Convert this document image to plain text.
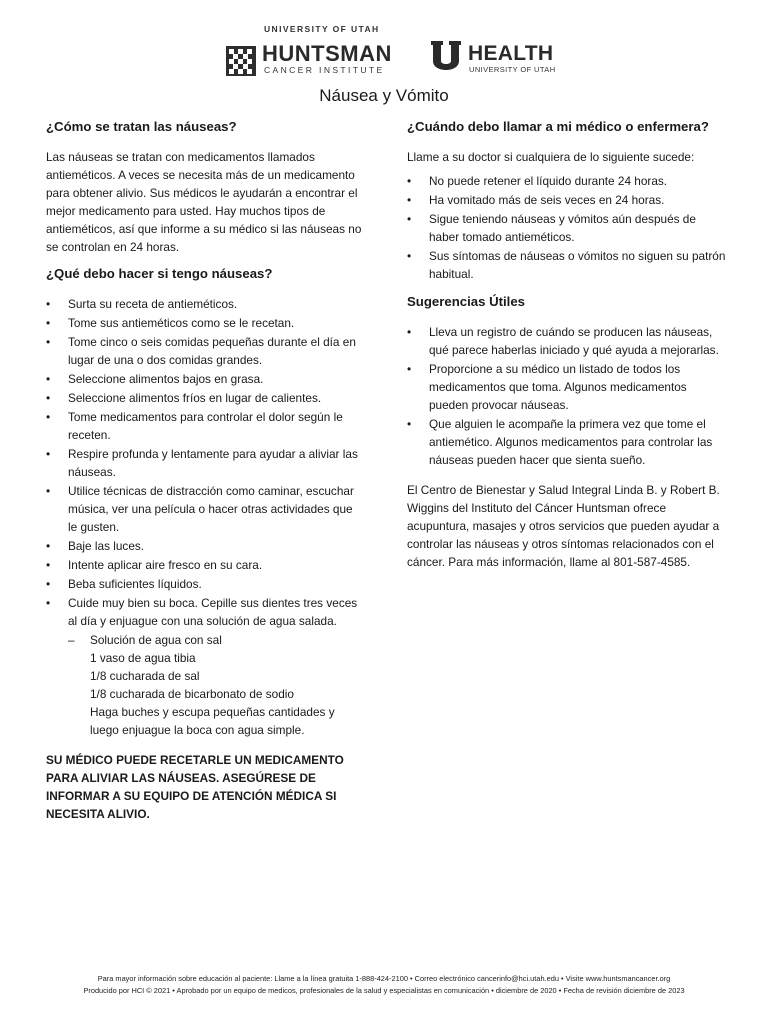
UNIVERSITY OF UTAH
HUNTSMAN
CANCER INSTITUTE
HEALTH
UNIVERSITY OF UTAH
Náusea y Vómito
¿Cómo se tratan las náuseas?

Las náuseas se tratan con medicamentos llamados antieméticos. A veces se necesita más de un medicamento para obtener alivio. Sus médicos le ayudarán a encontrar el mejor medicamento para usted. Hay muchos tipos de antieméticos, así que informe a su médico si las náuseas no se controlan en 24 horas.

¿Qué debo hacer si tengo náuseas?
• Surta su receta de antieméticos.
• Tome sus antieméticos como se le recetan.
• Tome cinco o seis comidas pequeñas durante el día en lugar de una o dos comidas grandes.
• Seleccione alimentos bajos en grasa.
• Seleccione alimentos fríos en lugar de calientes.
• Tome medicamentos para controlar el dolor según le receten.
• Respire profunda y lentamente para ayudar a aliviar las náuseas.
• Utilice técnicas de distracción como caminar, escuchar música, ver una película o hacer otras actividades que le gusten.
• Baje las luces.
• Intente aplicar aire fresco en su cara.
• Beba suficientes líquidos.
• Cuide muy bien su boca. Cepille sus dientes tres veces al día y enjuague con una solución de agua salada.
– Solución de agua con sal
1 vaso de agua tibia
1/8 cucharada de sal
1/8 cucharada de bicarbonato de sodio
Haga buches y escupa pequeñas cantidades y luego enjuague la boca con agua simple.
SU MÉDICO PUEDE RECETARLE UN MEDICAMENTO PARA ALIVIAR LAS NÁUSEAS. ASEGÚRESE DE INFORMAR A SU EQUIPO DE ATENCIÓN MÉDICA SI NECESITA ALIVIO.
¿Cuándo debo llamar a mi médico o enfermera?

Llame a su doctor si cualquiera de lo siguiente sucede:

• No puede retener el líquido durante 24 horas.
• Ha vomitado más de seis veces en 24 horas.
• Sigue teniendo náuseas y vómitos aún después de haber tomado antieméticos.
• Sus síntomas de náuseas o vómitos no siguen su patrón habitual.
Sugerencias Útiles
• Lleva un registro de cuándo se producen las náuseas, qué parece haberlas iniciado y qué ayuda a mejorarlas.
• Proporcione a su médico un listado de todos los medicamentos que toma. Algunos medicamentos pueden provocar náuseas.
• Que alguien le acompañe la primera vez que tome el antiemético. Algunos medicamentos para controlar las náuseas pueden hacer que sienta sueño.

El Centro de Bienestar y Salud Integral Linda B. y Robert B. Wiggins del Instituto del Cáncer Huntsman ofrece acupuntura, masajes y otros servicios que pueden ayudar a controlar las náuseas y otros síntomas relacionados con el cáncer. Para más información, llame al 801-587-4585.

Para mayor información sobre educación al paciente: Llame a la línea gratuita 1-888-424-2100 • Correo electrónico cancerinfo@hci.utah.edu • Visite www.huntsmancancer.org
Producido por HCI © 2021 • Aprobado por un equipo de medicos, profesionales de la salud y especialistas en comunicación • diciembre de 2020 • Fecha de revisión diciembre de 2023
